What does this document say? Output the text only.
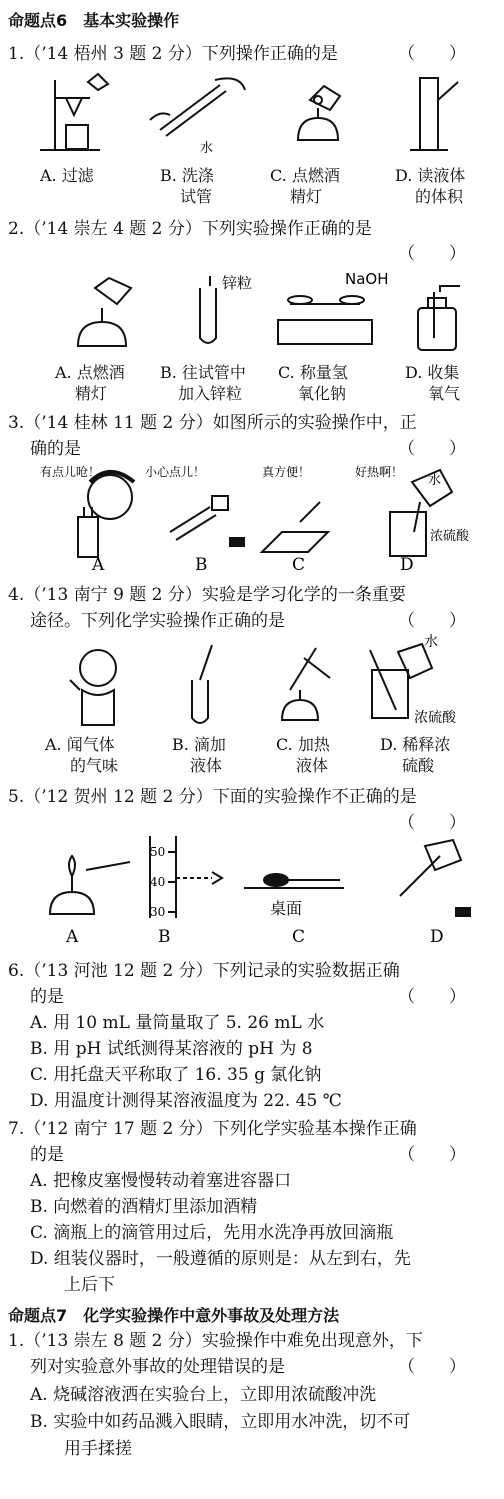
命题点6　基本实验操作
1.（’14 梧州 3 题 2 分）下列操作正确的是	（　　）
水
A. 过滤	B. 洗涤
试管
C. 点燃酒
精灯
D. 读液体
的体积
2.（’14 崇左 4 题 2 分）下列实验操作正确的是
（　　）
锌粒	NaOH
A. 点燃酒
精灯
B. 往试管中
加入锌粒
C. 称量氢
氧化钠
D. 收集
氧气
3.（’14 桂林 11 题 2 分）如图所示的实验操作中，正
确的是	（　　）
有点儿呛！	小心点儿！	真方便！	好热啊！
水
浓硫酸
A	B	C	D
4.（’13 南宁 9 题 2 分）实验是学习化学的一条重要
途径。下列化学实验操作正确的是	（　　）
水
浓硫酸
A. 闻气体
的气味
B. 滴加
液体
C. 加热
液体
D. 稀释浓
硫酸
5.（’12 贺州 12 题 2 分）下面的实验操作不正确的是
（　　）
50
40
30	桌面
A	B	C	D
6.（’13 河池 12 题 2 分）下列记录的实验数据正确
的是	（　　）
A. 用 10 mL 量筒量取了 5. 26 mL 水
B. 用 pH 试纸测得某溶液的 pH 为 8
C. 用托盘天平称取了 16. 35 g 氯化钠
D. 用温度计测得某溶液温度为 22. 45 ℃
7.（’12 南宁 17 题 2 分）下列化学实验基本操作正确
的是	（　　）
A. 把橡皮塞慢慢转动着塞进容器口
B. 向燃着的酒精灯里添加酒精
C. 滴瓶上的滴管用过后，先用水洗净再放回滴瓶
D. 组装仪器时，一般遵循的原则是：从左到右，先
上后下
命题点7　化学实验操作中意外事故及处理方法
1.（’13 崇左 8 题 2 分）实验操作中难免出现意外，下
列对实验意外事故的处理错误的是	（　　）
A. 烧碱溶液洒在实验台上，立即用浓硫酸冲洗
B. 实验中如药品溅入眼睛，立即用水冲洗，切不可
用手揉搓
